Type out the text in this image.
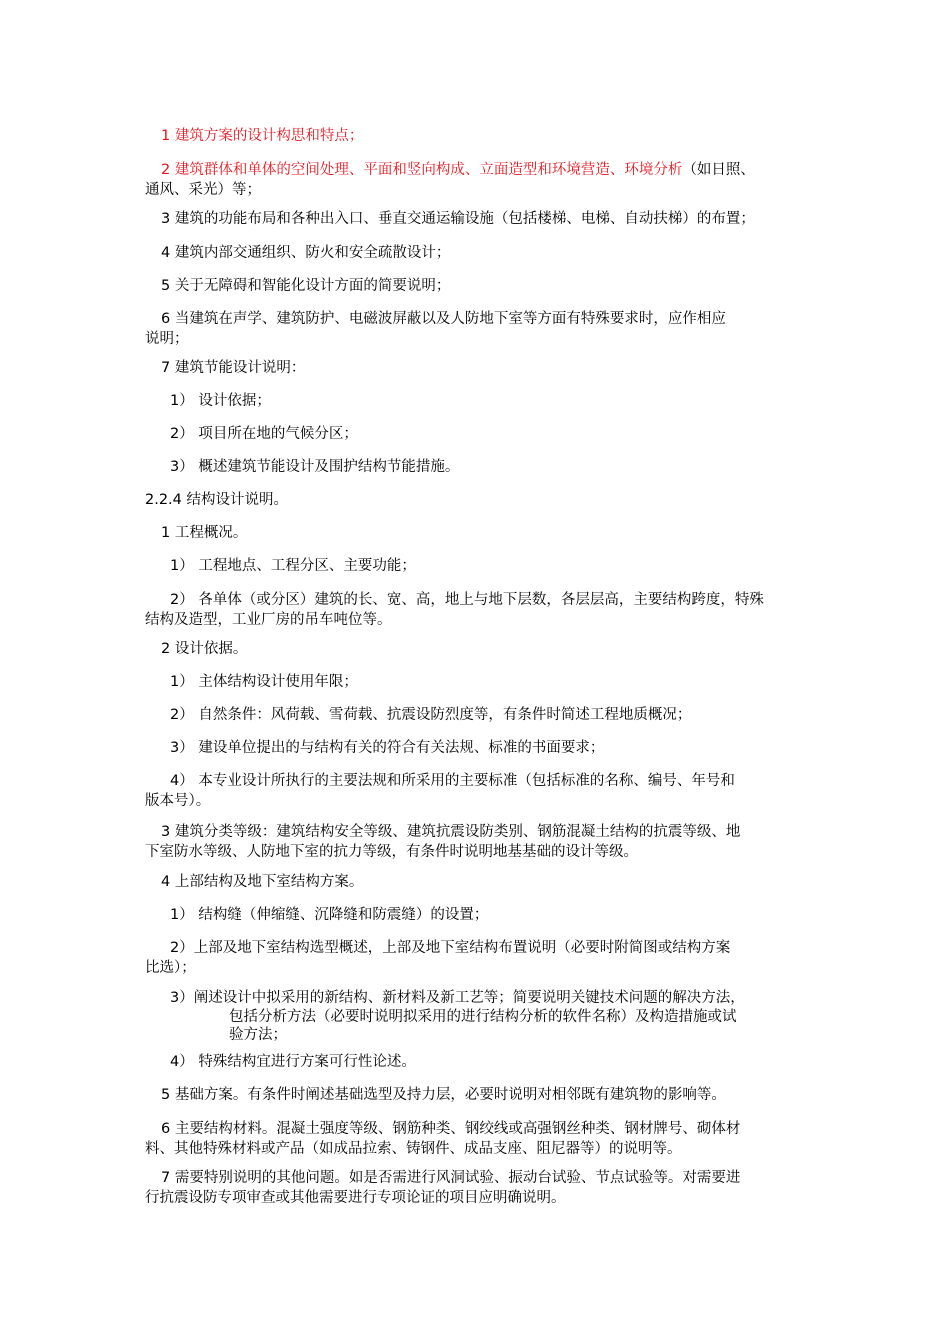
1 建筑方案的设计构思和特点；
2 建筑群体和单体的空间处理、平面和竖向构成、立面造型和环境营造、环境分析（如日照、
通风、采光）等；
3 建筑的功能布局和各种出入口、垂直交通运输设施（包括楼梯、电梯、自动扶梯）的布置；
4 建筑内部交通组织、防火和安全疏散设计；
5 关于无障碍和智能化设计方面的简要说明；
6 当建筑在声学、建筑防护、电磁波屏蔽以及人防地下室等方面有特殊要求时，应作相应
说明；
7 建筑节能设计说明：
1） 设计依据；
2） 项目所在地的气候分区；
3） 概述建筑节能设计及围护结构节能措施。
2.2.4 结构设计说明。
1 工程概况。
1） 工程地点、工程分区、主要功能；
2） 各单体（或分区）建筑的长、宽、高，地上与地下层数，各层层高，主要结构跨度，特殊
结构及造型，工业厂房的吊车吨位等。
2 设计依据。
1） 主体结构设计使用年限；
2） 自然条件：风荷载、雪荷载、抗震设防烈度等，有条件时简述工程地质概况；
3） 建设单位提出的与结构有关的符合有关法规、标准的书面要求；
4） 本专业设计所执行的主要法规和所采用的主要标准（包括标准的名称、编号、年号和
版本号）。
3 建筑分类等级：建筑结构安全等级、建筑抗震设防类别、钢筋混凝土结构的抗震等级、地
下室防水等级、人防地下室的抗力等级，有条件时说明地基基础的设计等级。
4 上部结构及地下室结构方案。
1） 结构缝（伸缩缝、沉降缝和防震缝）的设置；
2）上部及地下室结构选型概述，上部及地下室结构布置说明（必要时附简图或结构方案
比选）；
3）阐述设计中拟采用的新结构、新材料及新工艺等；简要说明关键技术问题的解决方法，
包括分析方法（必要时说明拟采用的进行结构分析的软件名称）及构造措施或试
验方法；
4） 特殊结构宜进行方案可行性论述。
5 基础方案。有条件时阐述基础选型及持力层，必要时说明对相邻既有建筑物的影响等。
6 主要结构材料。混凝土强度等级、钢筋种类、钢绞线或高强钢丝种类、钢材牌号、砌体材
料、其他特殊材料或产品（如成品拉索、铸钢件、成品支座、阻尼器等）的说明等。
7 需要特别说明的其他问题。如是否需进行风洞试验、振动台试验、节点试验等。对需要进
行抗震设防专项审查或其他需要进行专项论证的项目应明确说明。
